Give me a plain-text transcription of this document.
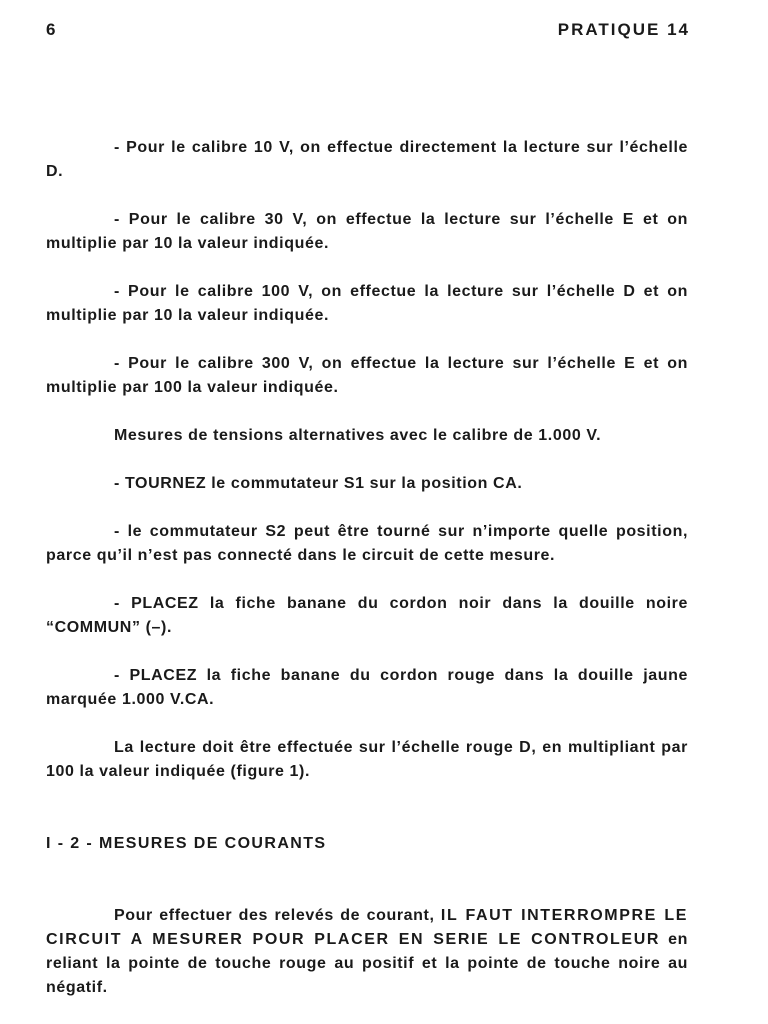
6	PRATIQUE 14

- Pour le calibre 10 V, on effectue directement la lecture sur l’échelle D.

- Pour le calibre 30 V, on effectue la lecture sur l’échelle E et on multiplie par 10 la valeur indiquée.

- Pour le calibre 100 V, on effectue la lecture sur l’échelle D et on multiplie par 10 la valeur indiquée.

- Pour le calibre 300 V, on effectue la lecture sur l’échelle E et on multiplie par 100 la valeur indiquée.

Mesures de tensions alternatives avec le calibre de 1.000 V.

- TOURNEZ le commutateur S1 sur la position CA.

- le commutateur S2 peut être tourné sur n’importe quelle position, parce qu’il n’est pas connecté dans le circuit de cette mesure.

- PLACEZ la fiche banane du cordon noir dans la douille noire “COMMUN” (–).

- PLACEZ la fiche banane du cordon rouge dans la douille jaune marquée 1.000 V.CA.

La lecture doit être effectuée sur l’échelle rouge D, en multipliant par 100 la valeur indiquée (figure 1).

I - 2 - MESURES DE COURANTS

Pour effectuer des relevés de courant, IL FAUT INTERROMPRE LE CIRCUIT A MESURER POUR PLACER EN SERIE LE CONTROLEUR en reliant la pointe de touche rouge au positif et la pointe de touche noire au négatif.
